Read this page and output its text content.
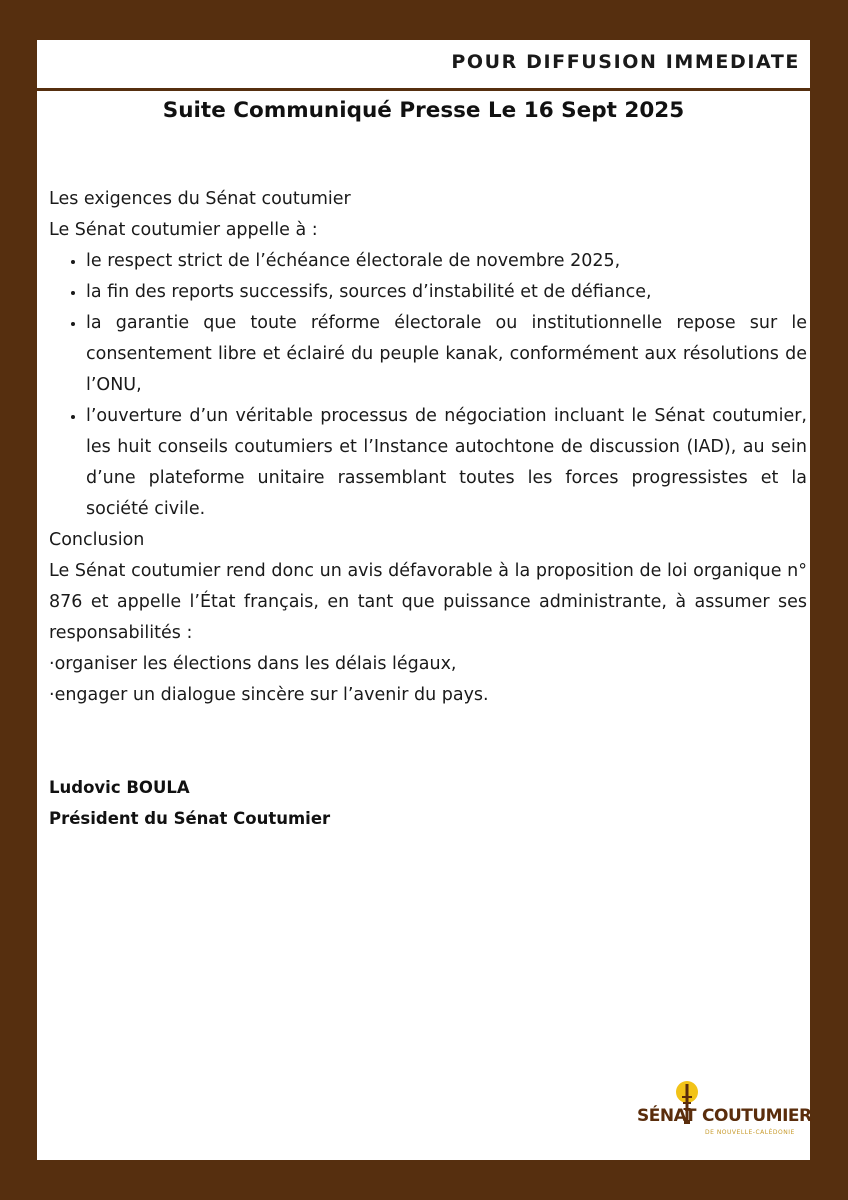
POUR DIFFUSION IMMEDIATE
Suite Communiqué Presse Le 16 Sept 2025

Les exigences du Sénat coutumier

Le Sénat coutumier appelle à :

• le respect strict de l’échéance électorale de novembre 2025,
• la fin des reports successifs, sources d’instabilité et de défiance,
• la garantie que toute réforme électorale ou institutionnelle repose sur le consentement libre et éclairé du peuple kanak, conformément aux résolutions de l’ONU,
• l’ouverture d’un véritable processus de négociation incluant le Sénat coutumier, les huit conseils coutumiers et l’Instance autochtone de discussion (IAD), au sein d’une plateforme unitaire rassemblant toutes les forces progressistes et la société civile.

Conclusion

Le Sénat coutumier rend donc un avis défavorable à la proposition de loi organique n° 876 et appelle l’État français, en tant que puissance administrante, à assumer ses responsabilités :

·organiser les élections dans les délais légaux,

·engager un dialogue sincère sur l’avenir du pays.

Ludovic BOULA
Président du Sénat Coutumier
SÉNAT COUTUMIER
DE NOUVELLE-CALÉDONIE
